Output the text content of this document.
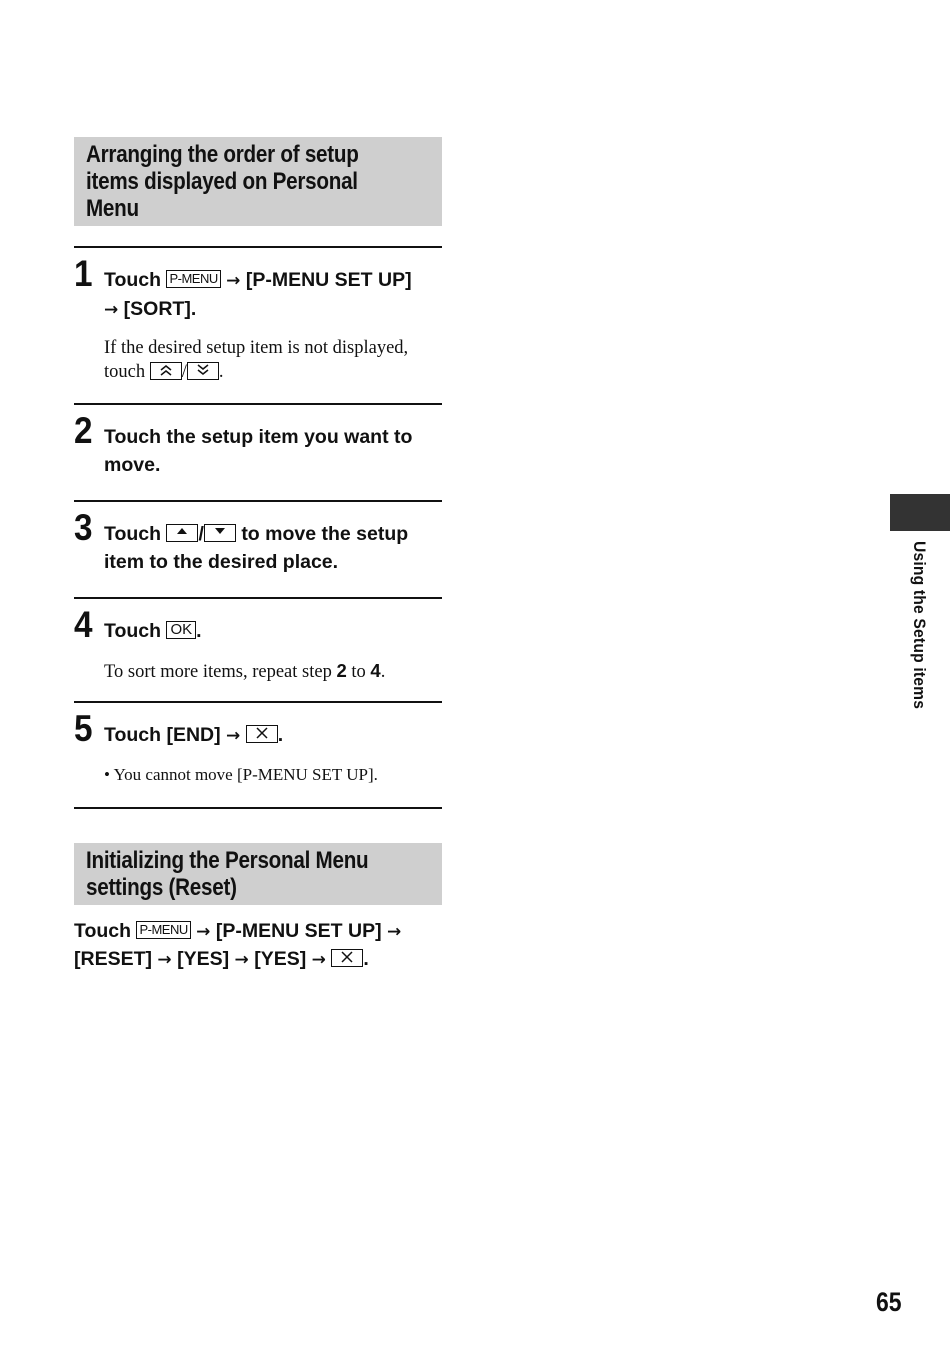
Arranging the order of setup
items displayed on Personal
Menu
1 Touch P-MENU → [P-MENU SET UP]
→ [SORT].
If the desired setup item is not displayed,
touch / .
2 Touch the setup item you want to move.
3 Touch / to move the setup
item to the desired place.
4 Touch OK .
To sort more items, repeat step 2 to 4.
5 Touch [END] → .
• You cannot move [P-MENU SET UP].
Initializing the Personal Menu
settings (Reset)
Touch P-MENU → [P-MENU SET UP] →
[RESET] → [YES] → [YES] → .
Using the Setup items
65
